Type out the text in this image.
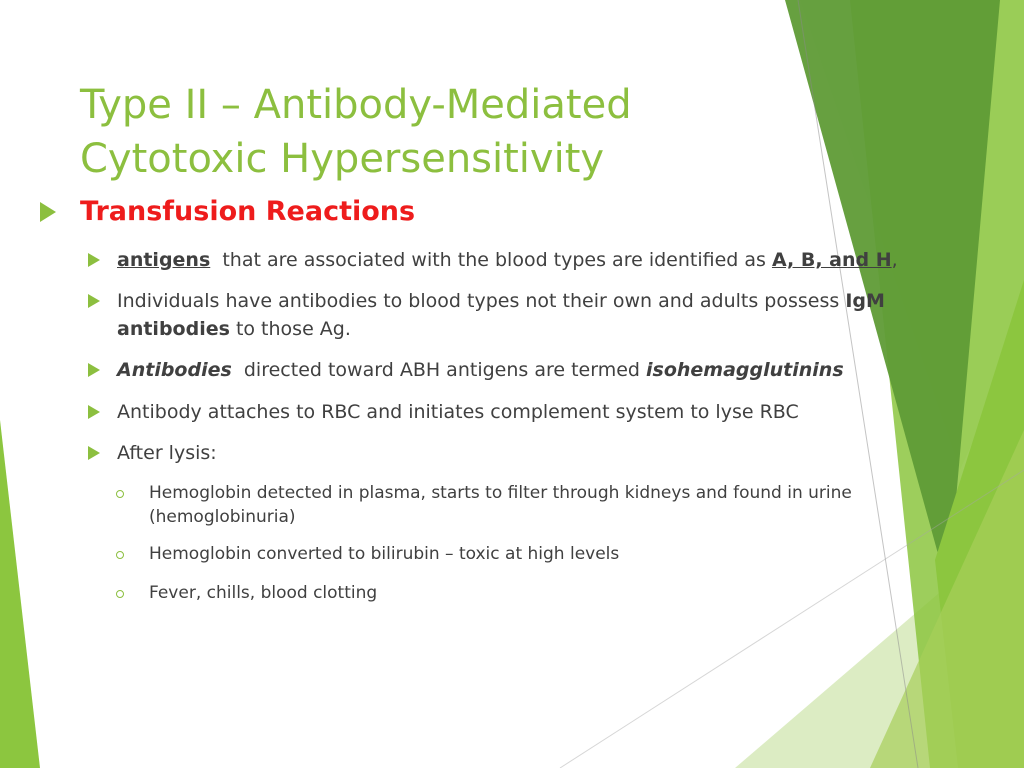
Type II – Antibody-Mediated
Cytotoxic Hypersensitivity
Transfusion Reactions
antigens  that are associated with the blood types are identified as A, B, and H,
Individuals have antibodies to blood types not their own and adults possess IgM antibodies to those Ag.
Antibodies  directed toward ABH antigens are termed isohemagglutinins
Antibody attaches to RBC and initiates complement system to lyse RBC
After lysis:
Hemoglobin detected in plasma, starts to filter through kidneys and found in urine (hemoglobinuria)
Hemoglobin converted to bilirubin – toxic at high levels
Fever, chills, blood clotting
